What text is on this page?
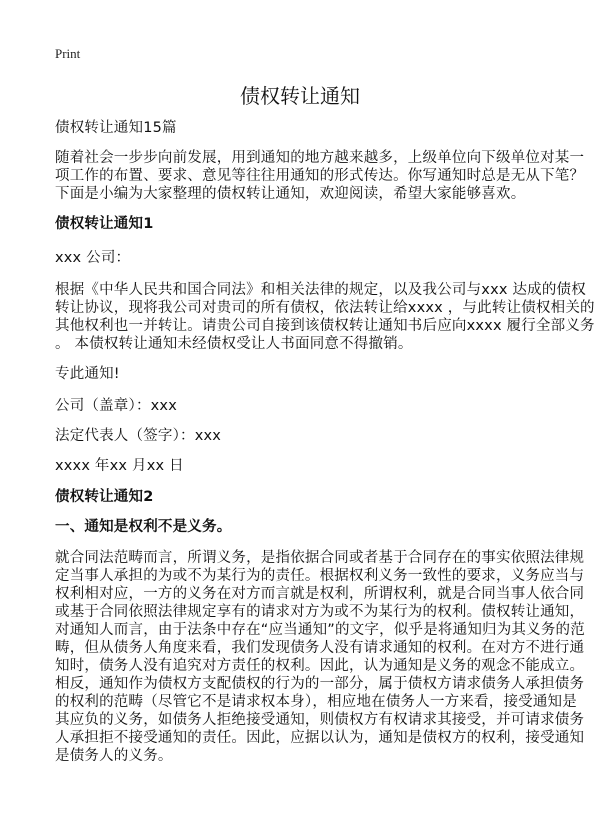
Print
债权转让通知
债权转让通知15篇
随着社会一步步向前发展，用到通知的地方越来越多，上级单位向下级单位对某一
项工作的布置、要求、意见等往往用通知的形式传达。你写通知时总是无从下笔？
下面是小编为大家整理的债权转让通知，欢迎阅读，希望大家能够喜欢。
债权转让通知1
xxx 公司：
根据《中华人民共和国合同法》和相关法律的规定，以及我公司与xxx 达成的债权
转让协议，现将我公司对贵司的所有债权，依法转让给xxxx ，与此转让债权相关的
其他权利也一并转让。请贵公司自接到该债权转让通知书后应向xxxx 履行全部义务
。 本债权转让通知未经债权受让人书面同意不得撤销。
专此通知!
公司（盖章）：xxx
法定代表人（签字）：xxx
xxxx 年xx 月xx 日
债权转让通知2
一、通知是权利不是义务。
就合同法范畴而言，所谓义务，是指依据合同或者基于合同存在的事实依照法律规
定当事人承担的为或不为某行为的责任。根据权利义务一致性的要求，义务应当与
权利相对应，一方的义务在对方而言就是权利，所谓权利，就是合同当事人依合同
或基于合同依照法律规定享有的请求对方为或不为某行为的权利。债权转让通知，
对通知人而言，由于法条中存在“应当通知”的文字，似乎是将通知归为其义务的范
畴，但从债务人角度来看，我们发现债务人没有请求通知的权利。在对方不进行通
知时，债务人没有追究对方责任的权利。因此，认为通知是义务的观念不能成立。
相反，通知作为债权方支配债权的行为的一部分，属于债权方请求债务人承担债务
的权利的范畴（尽管它不是请求权本身），相应地在债务人一方来看，接受通知是
其应负的义务，如债务人拒绝接受通知，则债权方有权请求其接受，并可请求债务
人承担拒不接受通知的责任。因此，应据以认为，通知是债权方的权利，接受通知
是债务人的义务。
